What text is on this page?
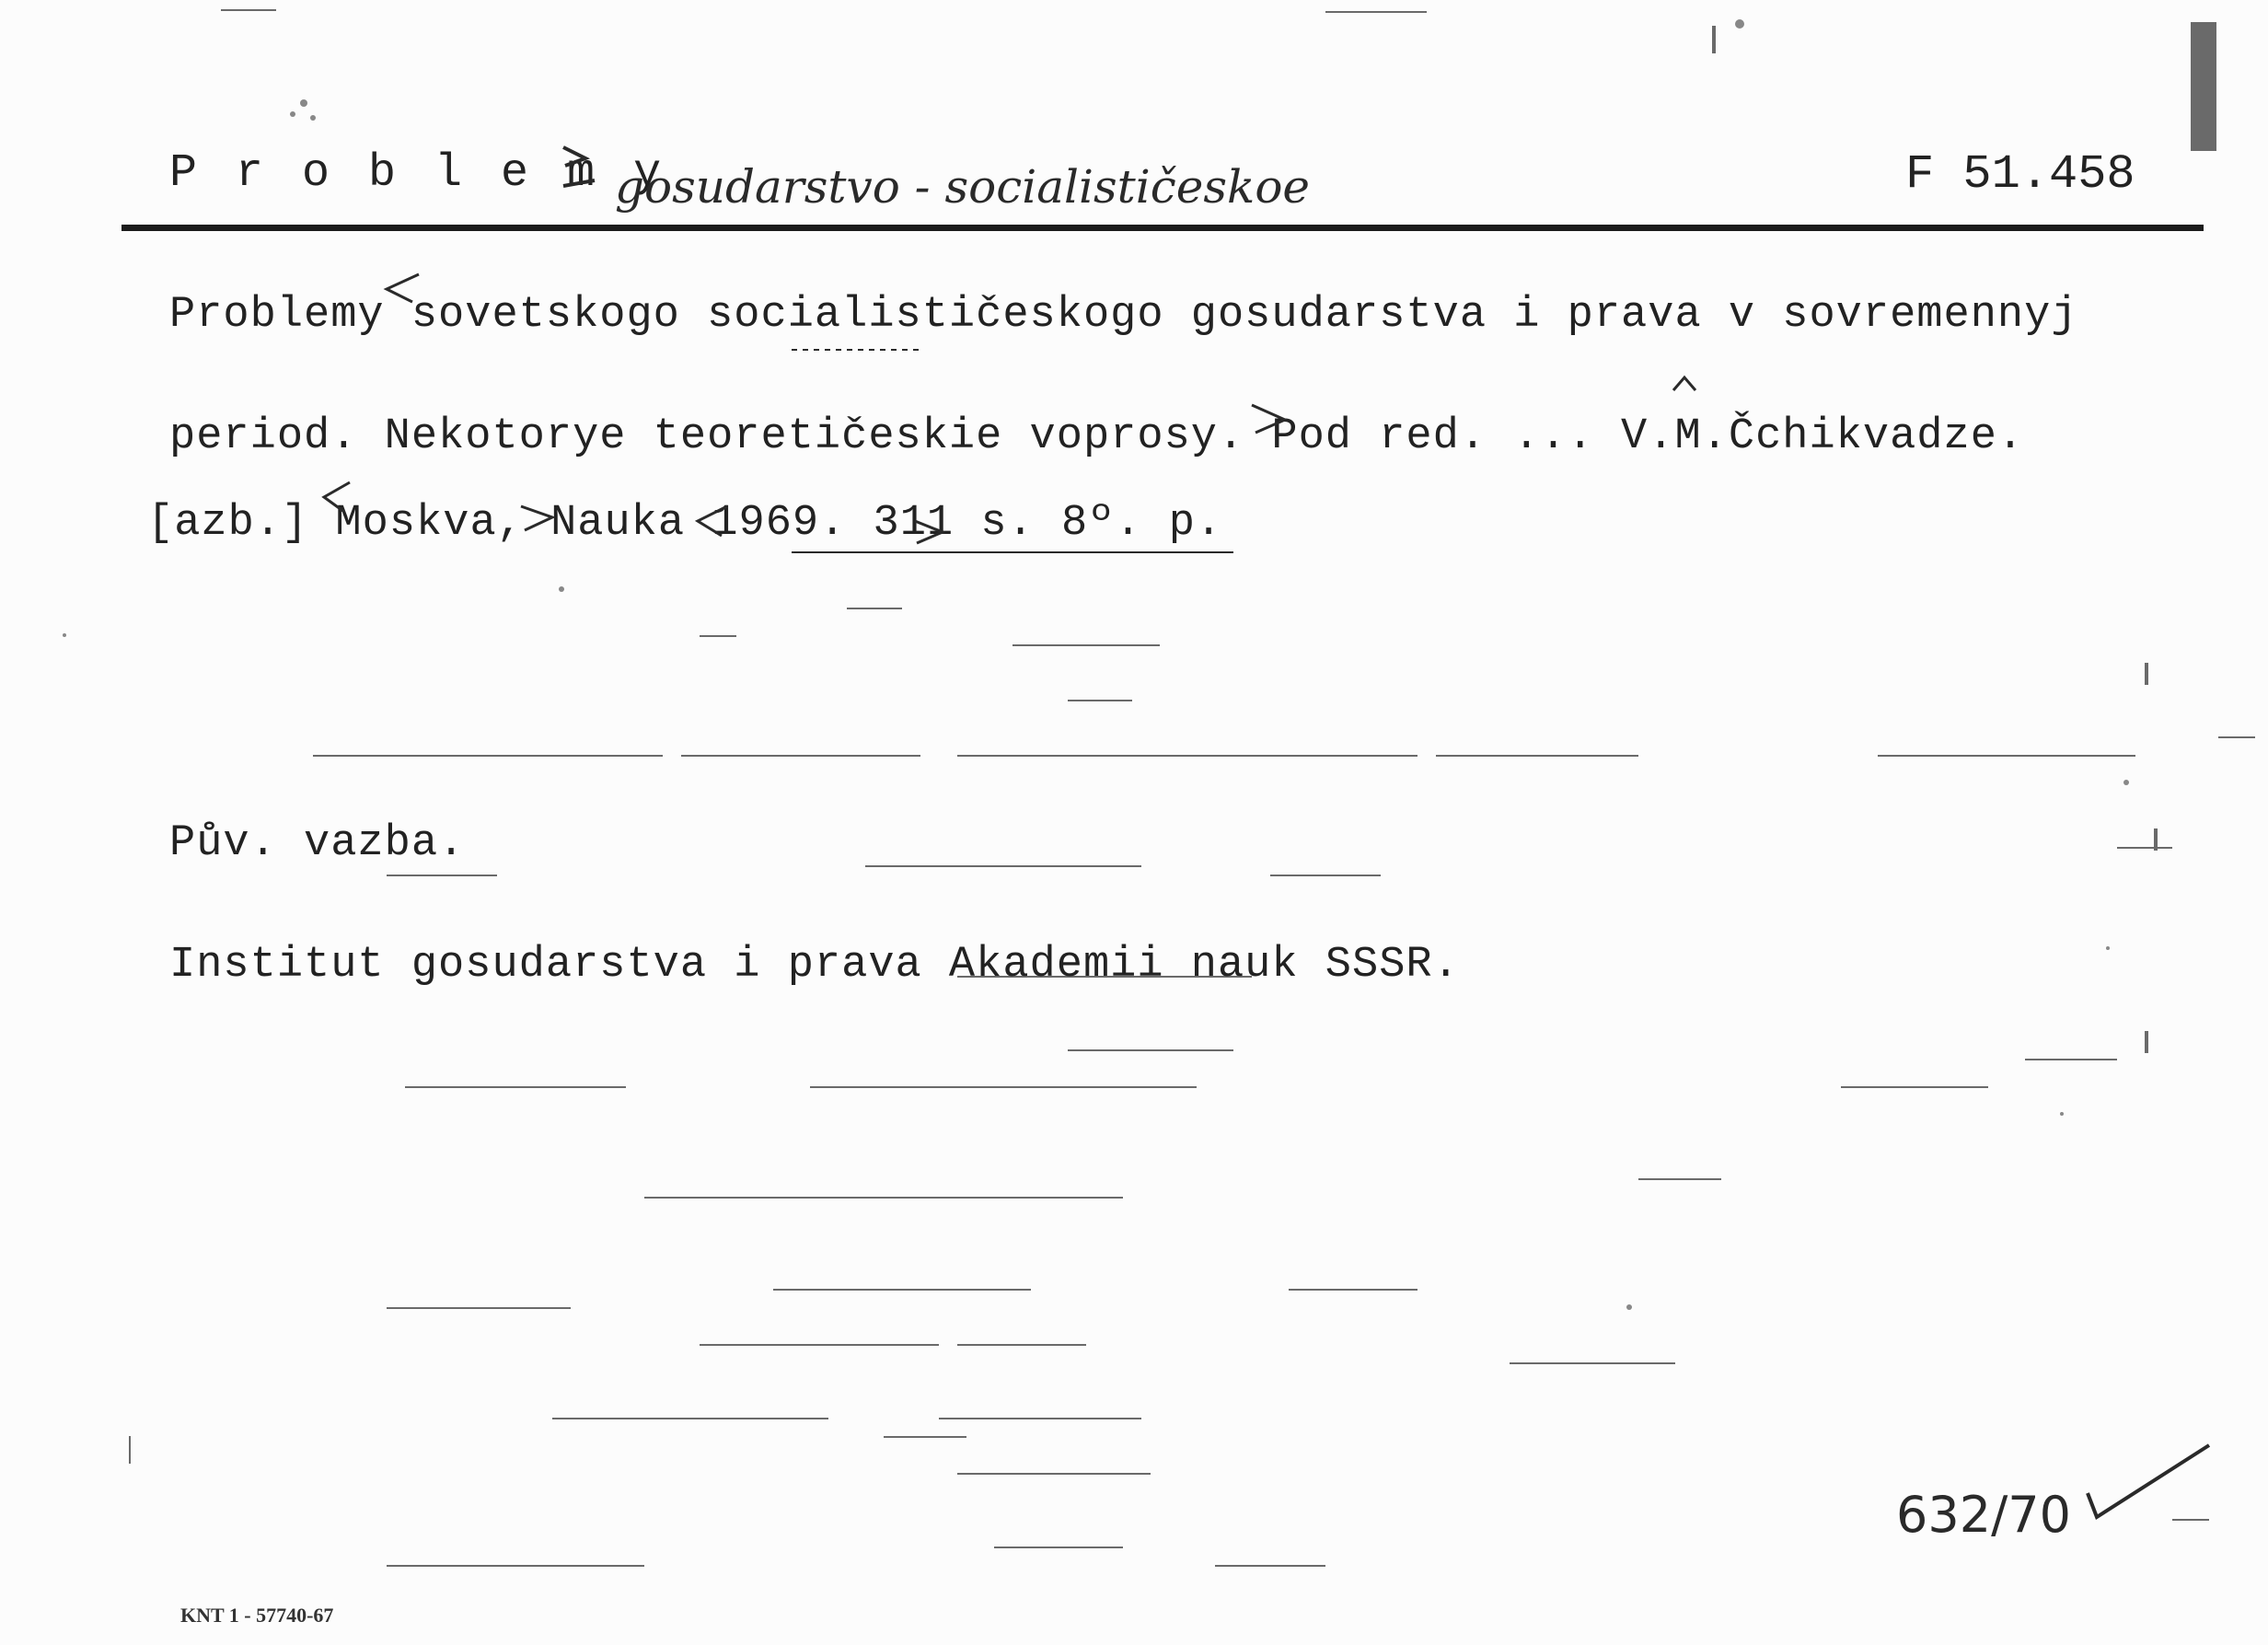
P r o b l e m y
gosudarstvo - socialističeskoe	F 51.458
Problemy sovetskogo socialističeskogo gosudarstva i prava v sovremennyj
period. Nekotorye teoretičeskie voprosy. Pod red. ... V.M.Čchikvadze.
[azb.] Moskva, Nauka 1969. 311 s. 8º. p.
Pův. vazba.
Institut gosudarstva i prava Akademii nauk SSSR.
632/70
KNT 1 - 57740-67
